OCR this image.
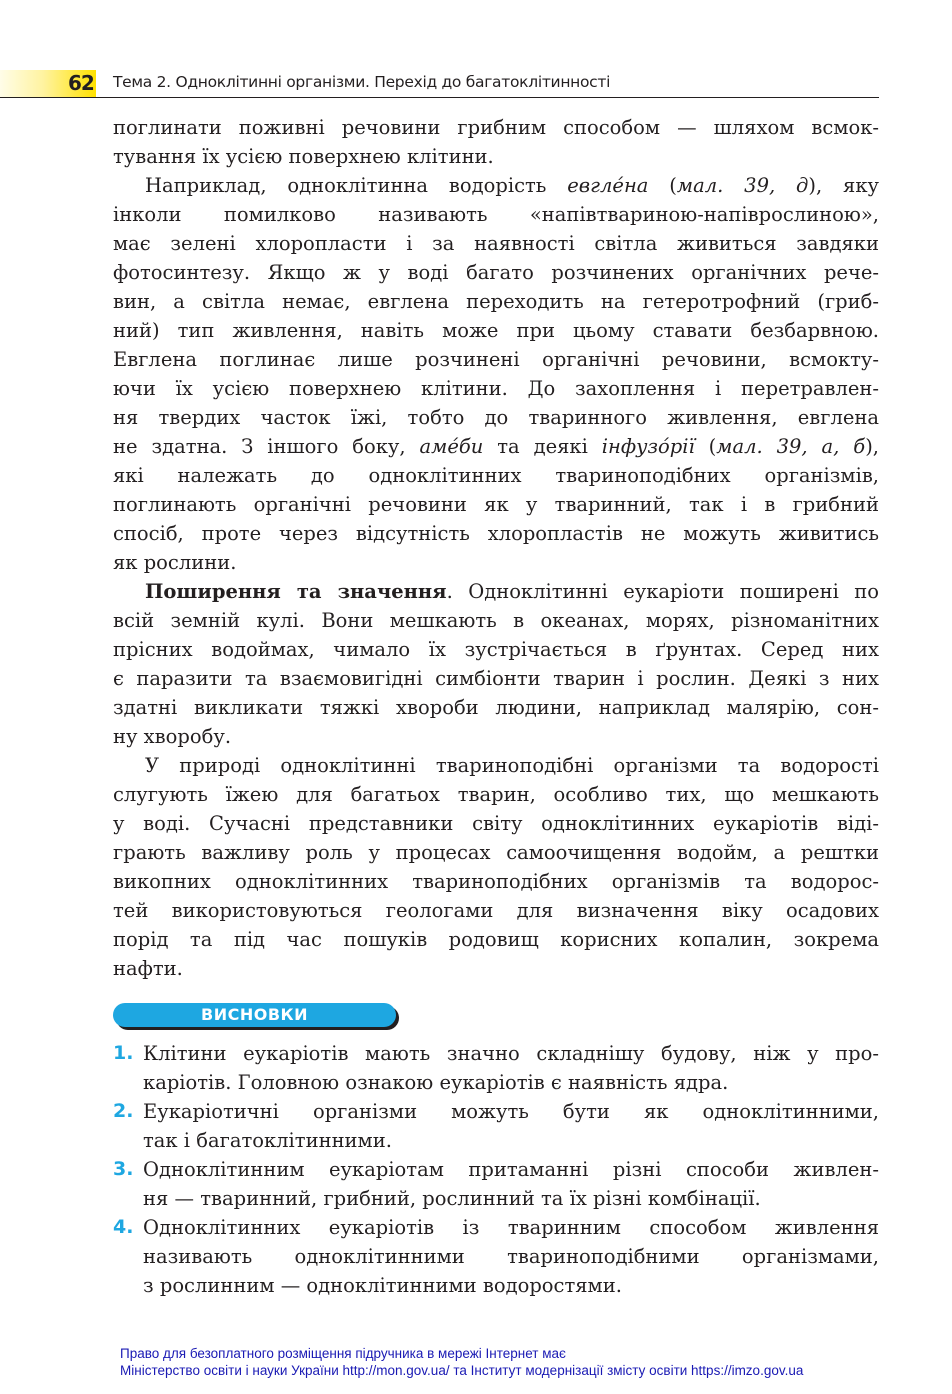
62 Тема 2. Одноклітинні організми. Перехід до багатоклітинності
поглинати поживні речовини грибним способом — шляхом всмок-
тування їх усією поверхнею клітини.
Наприклад, одноклітинна водорість евгле́на (мал. 39, д), яку
інколи помилково називають «напівтвариною-напіврослиною»,
має зелені хлоропласти і за наявності світла живиться завдяки
фотосинтезу. Якщо ж у воді багато розчинених органічних рече-
вин, а світла немає, евглена переходить на гетеротрофний (гриб-
ний) тип живлення, навіть може при цьому ставати безбарвною.
Евглена поглинає лише розчинені органічні речовини, всмокту-
ючи їх усією поверхнею клітини. До захоплення і перетравлен-
ня твердих часток їжі, тобто до тваринного живлення, евглена
не здатна. З іншого боку, аме́би та деякі інфузо́рії (мал. 39, а, б),
які належать до одноклітинних твариноподібних організмів,
поглинають органічні речовини як у тваринний, так і в грибний
спосіб, проте через відсутність хлоропластів не можуть живитись
як рослини.
Поширення та значення. Одноклітинні еукаріоти поширені по
всій земній кулі. Вони мешкають в океанах, морях, різноманітних
прісних водоймах, чимало їх зустрічається в ґрунтах. Серед них
є паразити та взаємовигідні симбіонти тварин і рослин. Деякі з них
здатні викликати тяжкі хвороби людини, наприклад малярію, сон-
ну хворобу.
У природі одноклітинні твариноподібні організми та водорості
слугують їжею для багатьох тварин, особливо тих, що мешкають
у воді. Сучасні представники світу одноклітинних еукаріотів віді-
грають важливу роль у процесах самоочищення водойм, а рештки
викопних одноклітинних твариноподібних організмів та водорос-
тей використовуються геологами для визначення віку осадових
порід та під час пошуків родовищ корисних копалин, зокрема
нафти.
ВИСНОВКИ
1. Клітини еукаріотів мають значно складнішу будову, ніж у про-
каріотів. Головною ознакою еукаріотів є наявність ядра.
2. Еукаріотичні організми можуть бути як одноклітинними,
так і багатоклітинними.
3. Одноклітинним еукаріотам притаманні різні способи живлен-
ня — тваринний, грибний, рослинний та їх різні комбінації.
4. Одноклітинних еукаріотів із тваринним способом живлення
називають одноклітинними твариноподібними організмами,
з рослинним — одноклітинними водоростями.
Право для безоплатного розміщення підручника в мережі Інтернет має
Міністерство освіти і науки України http://mon.gov.ua/ та Інститут модернізації змісту освіти https://imzo.gov.ua
